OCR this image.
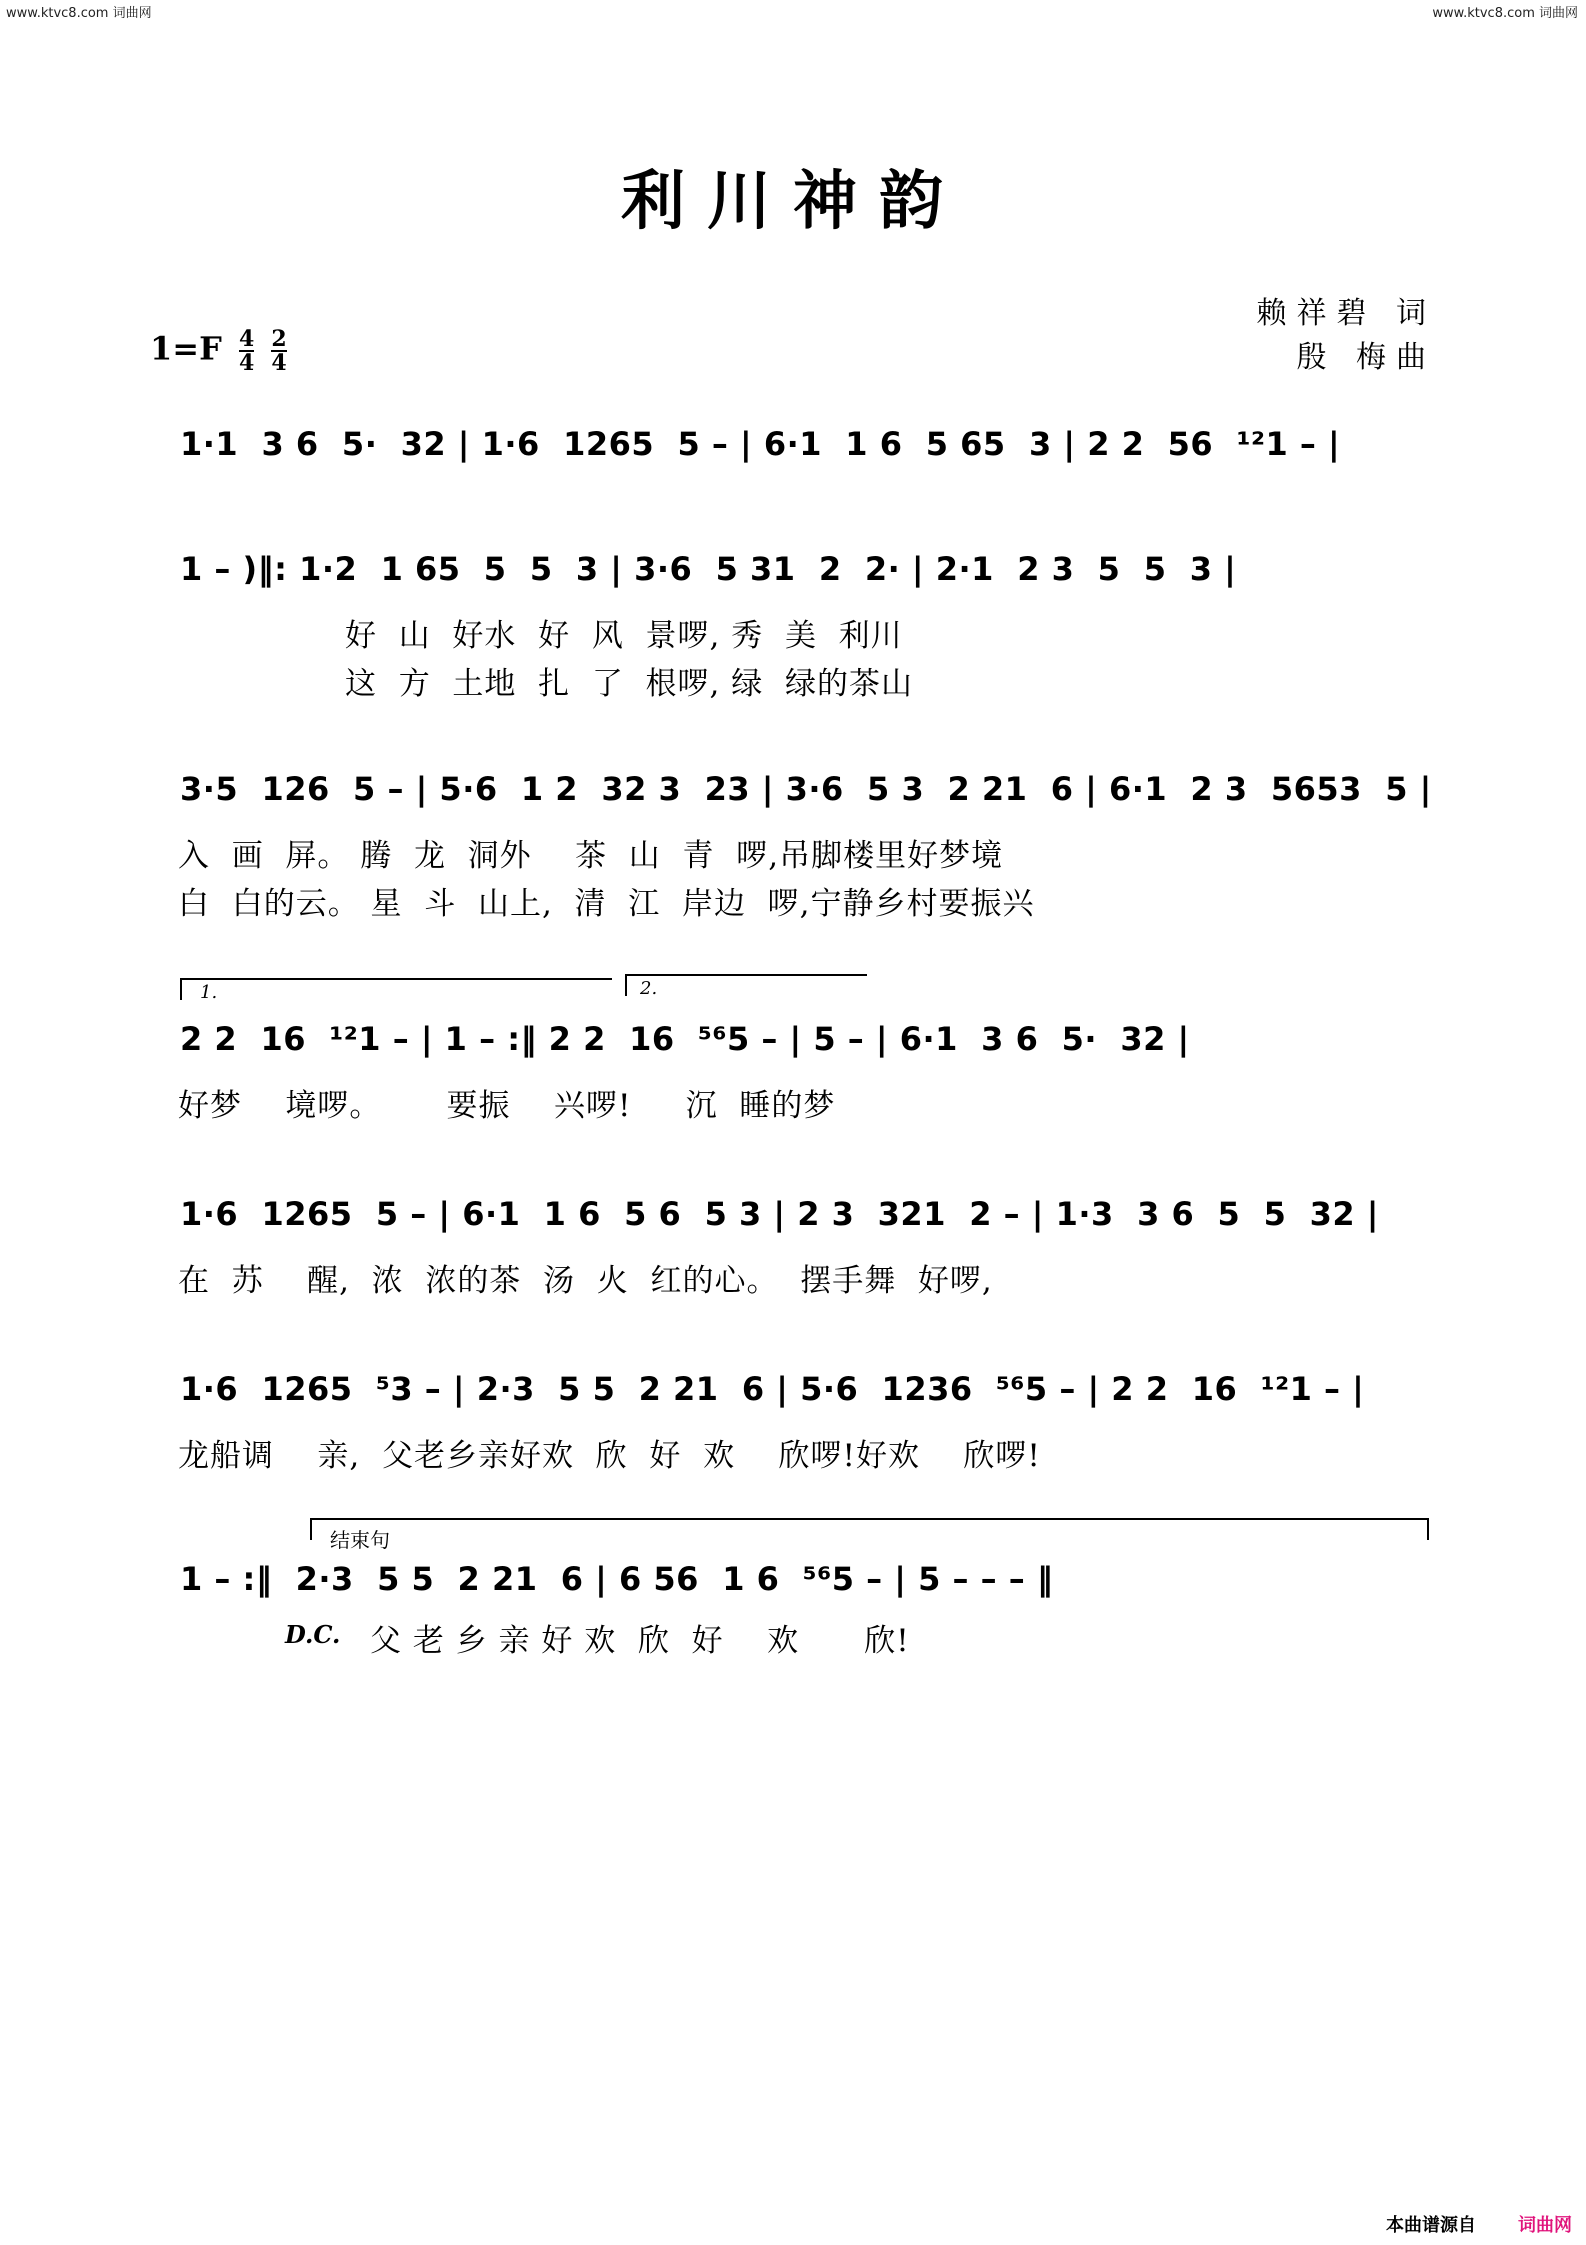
www.ktvc8.com 词曲网	www.ktvc8.com 词曲网
利川神韵
赖祥碧 词
殷 梅曲
$1=F \frac{4}{4}$
$\frac{2}{4}$
1·1  3 6  5·  32 | 1·6  1265  5 – | 6·1  1 6  5 65  3 | 2 2  56  ¹²1 – |
1 – )‖: 1·2  1 65  5  5  3 | 3·6  5 31  2  2· | 2·1  2 3  5  5  3 |
好  山  好水  好  风  景啰, 秀  美  利川
这  方  土地  扎  了  根啰, 绿  绿的茶山
3·5  126  5 – | 5·6  1 2  32 3  23 | 3·6  5 3  2 21  6 | 6·1  2 3  5653  5 |
入  画  屏。 腾  龙  洞外    茶  山  青  啰,吊脚楼里好梦境
白  白的云。 星  斗  山上,  清  江  岸边  啰,宁静乡村要振兴
1.	2.
2 2  16  ¹²1 – | 1 – :‖ 2 2  16  ⁵⁶5 – | 5 – | 6·1  3 6  5·  32 |
好梦    境啰。      要振    兴啰!     沉  睡的梦
1·6  1265  5 – | 6·1  1 6  5 6  5 3 | 2 3  321  2 – | 1·3  3 6  5  5  32 |
在  苏    醒,  浓  浓的茶  汤  火  红的心。  摆手舞  好啰,
1·6  1265  ⁵3 – | 2·3  5 5  2 21  6 | 5·6  1236  ⁵⁶5 – | 2 2  16  ¹²1 – |
龙船调    亲,  父老乡亲好欢  欣  好  欢    欣啰!好欢    欣啰!
结束句
1 – :‖  2·3  5 5  2 21  6 | 6 56  1 6  ⁵⁶5 – | 5 – – – ‖
D.C. 父 老 乡 亲 好 欢  欣  好    欢      欣!
本曲谱源自 词曲网
